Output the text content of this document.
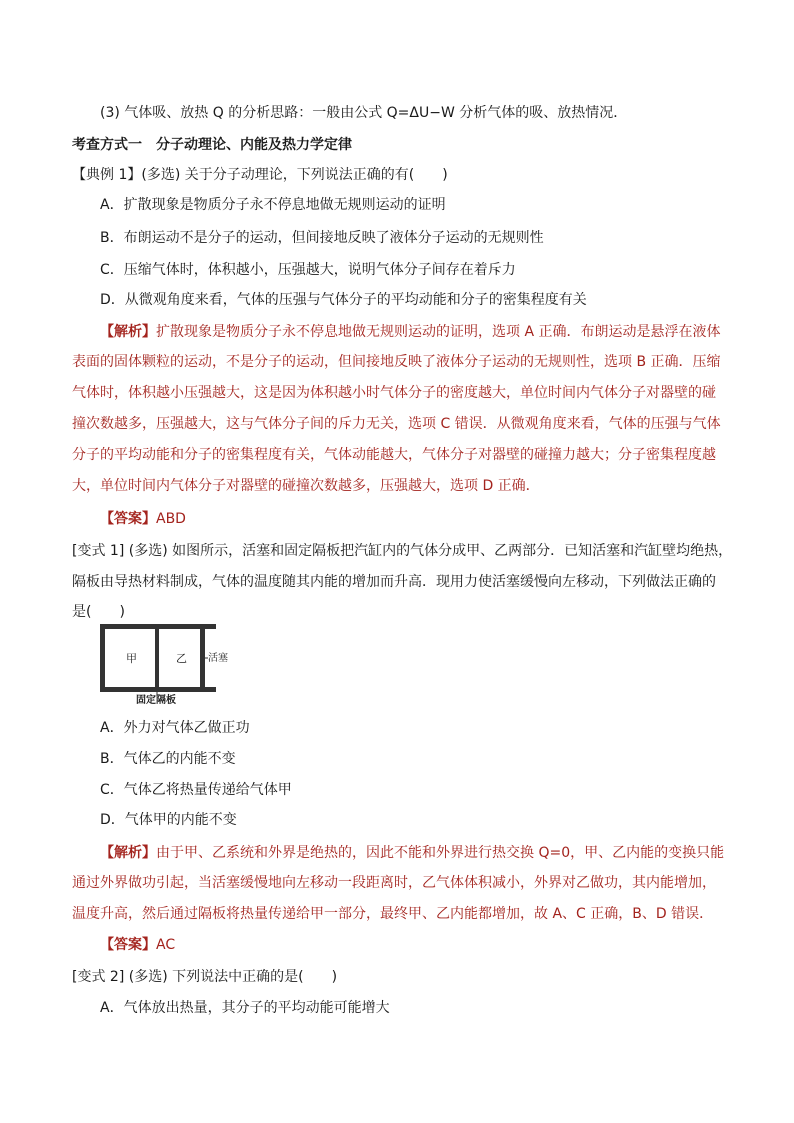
(3) 气体吸、放热 Q 的分析思路：一般由公式 Q=ΔU−W 分析气体的吸、放热情况．
考查方式一　分子动理论、内能及热力学定律
【典例 1】(多选) 关于分子动理论，下列说法正确的有(　　)
A．扩散现象是物质分子永不停息地做无规则运动的证明
B．布朗运动不是分子的运动，但间接地反映了液体分子运动的无规则性
C．压缩气体时，体积越小，压强越大，说明气体分子间存在着斥力
D．从微观角度来看，气体的压强与气体分子的平均动能和分子的密集程度有关
【解析】扩散现象是物质分子永不停息地做无规则运动的证明，选项 A 正确．布朗运动是悬浮在液体
表面的固体颗粒的运动，不是分子的运动，但间接地反映了液体分子运动的无规则性，选项 B 正确．压缩
气体时，体积越小压强越大，这是因为体积越小时气体分子的密度越大，单位时间内气体分子对器壁的碰
撞次数越多，压强越大，这与气体分子间的斥力无关，选项 C 错误．从微观角度来看，气体的压强与气体
分子的平均动能和分子的密集程度有关，气体动能越大，气体分子对器壁的碰撞力越大；分子密集程度越
大，单位时间内气体分子对器壁的碰撞次数越多，压强越大，选项 D 正确．
【答案】ABD
[变式 1] (多选) 如图所示，活塞和固定隔板把汽缸内的气体分成甲、乙两部分．已知活塞和汽缸壁均绝热，
隔板由导热材料制成，气体的温度随其内能的增加而升高．现用力使活塞缓慢向左移动，下列做法正确的
是(　　)
甲	乙 活塞
固定隔板
A．外力对气体乙做正功
B．气体乙的内能不变
C．气体乙将热量传递给气体甲
D．气体甲的内能不变
【解析】由于甲、乙系统和外界是绝热的，因此不能和外界进行热交换 Q=0，甲、乙内能的变换只能
通过外界做功引起，当活塞缓慢地向左移动一段距离时，乙气体体积减小，外界对乙做功，其内能增加，
温度升高，然后通过隔板将热量传递给甲一部分，最终甲、乙内能都增加，故 A、C 正确，B、D 错误．
【答案】AC
[变式 2] (多选) 下列说法中正确的是(　　)
A．气体放出热量，其分子的平均动能可能增大
